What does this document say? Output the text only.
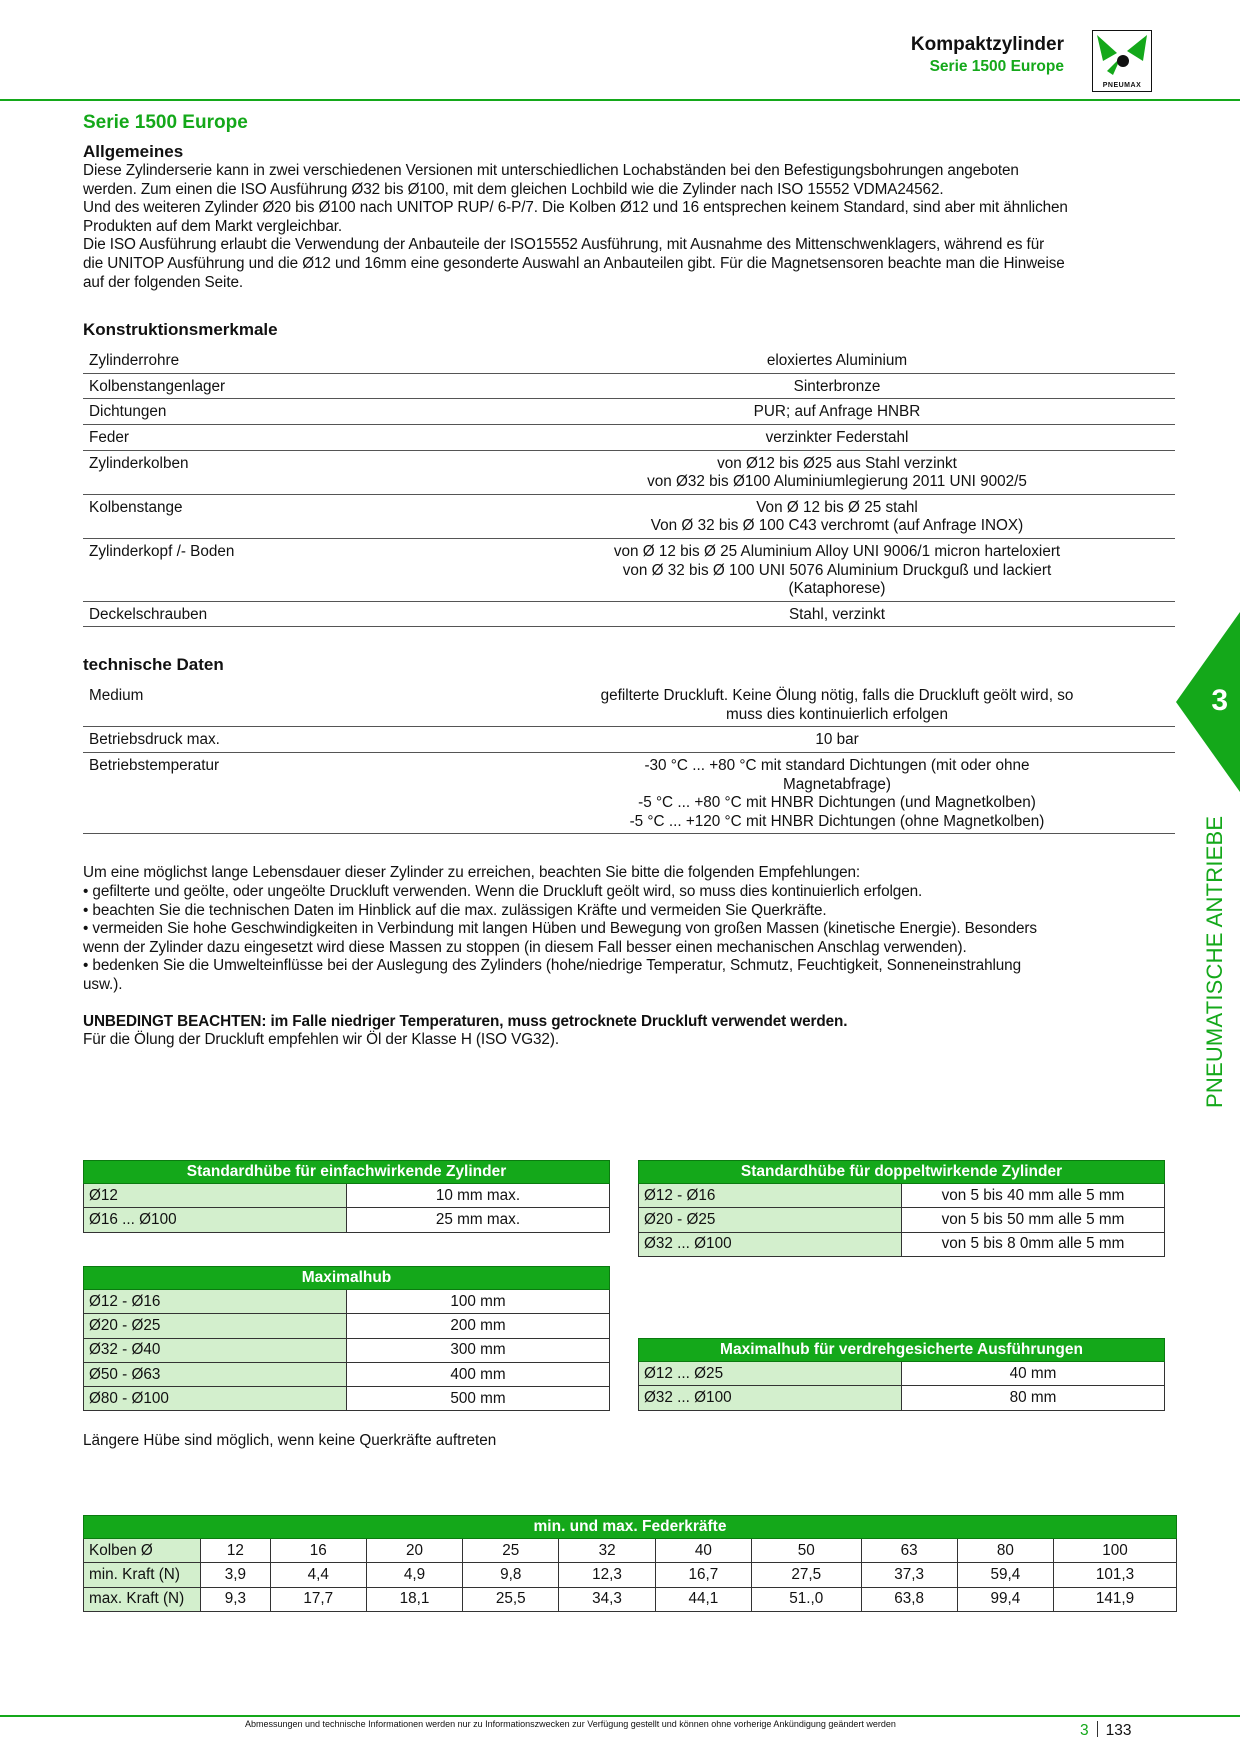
Kompaktzylinder
Serie 1500 Europe
PNEUMAX
3
PNEUMATISCHE ANTRIEBE
Serie 1500 Europe
Allgemeines
Diese Zylinderserie kann in zwei verschiedenen Versionen mit unterschiedlichen Lochabständen bei den Befestigungsbohrungen angeboten
werden. Zum einen die ISO Ausführung Ø32 bis Ø100, mit dem gleichen Lochbild wie die Zylinder nach ISO 15552 VDMA24562.
Und des weiteren Zylinder Ø20 bis Ø100 nach UNITOP RUP/ 6-P/7. Die Kolben Ø12 und 16 entsprechen keinem Standard, sind aber mit ähnlichen
Produkten auf dem Markt vergleichbar.
Die ISO Ausführung erlaubt die Verwendung der Anbauteile der ISO15552 Ausführung, mit Ausnahme des Mittenschwenklagers, während es für
die UNITOP Ausführung und die Ø12 und 16mm eine gesonderte Auswahl an Anbauteilen gibt. Für die Magnetsensoren beachte man die Hinweise
auf der folgenden Seite.
Konstruktionsmerkmale
Zylinderrohre	eloxiertes Aluminium

Kolbenstangenlager	Sinterbronze

Dichtungen	PUR; auf Anfrage HNBR

Feder	verzinkter Federstahl

Zylinderkolben	von Ø12 bis Ø25 aus Stahl verzinkt
von Ø32 bis Ø100 Aluminiumlegierung 2011 UNI 9002/5

Kolbenstange	Von Ø 12 bis Ø 25 stahl
Von Ø 32 bis Ø 100 C43 verchromt (auf Anfrage INOX)

Zylinderkopf /- Boden	von Ø 12 bis Ø 25 Aluminium Alloy UNI 9006/1 micron harteloxiert
von Ø 32 bis Ø 100 UNI 5076 Aluminium Druckguß und lackiert
(Kataphorese)

Deckelschrauben	Stahl, verzinkt
technische Daten
Medium	gefilterte Druckluft. Keine Ölung nötig, falls die Druckluft geölt wird, so
muss dies kontinuierlich erfolgen

Betriebsdruck max.	10 bar

Betriebstemperatur	-30 °C ... +80 °C mit standard Dichtungen (mit oder ohne
Magnetabfrage)
-5 °C ... +80 °C mit HNBR Dichtungen (und Magnetkolben)
-5 °C ... +120 °C mit HNBR Dichtungen (ohne Magnetkolben)
Um eine möglichst lange Lebensdauer dieser Zylinder zu erreichen, beachten Sie bitte die folgenden Empfehlungen:
• gefilterte und geölte, oder ungeölte Druckluft verwenden. Wenn die Druckluft geölt wird, so muss dies kontinuierlich erfolgen.
• beachten Sie die technischen Daten im Hinblick auf die max. zulässigen Kräfte und vermeiden Sie Querkräfte.
• vermeiden Sie hohe Geschwindigkeiten in Verbindung mit langen Hüben und Bewegung von großen Massen (kinetische Energie). Besonders
wenn der Zylinder dazu eingesetzt wird diese Massen zu stoppen (in diesem Fall besser einen mechanischen Anschlag verwenden).
• bedenken Sie die Umwelteinflüsse bei der Auslegung des Zylinders (hohe/niedrige Temperatur, Schmutz, Feuchtigkeit, Sonneneinstrahlung
usw.).
UNBEDINGT BEACHTEN: im Falle niedriger Temperaturen, muss getrocknete Druckluft verwendet werden.
Für die Ölung der Druckluft empfehlen wir Öl der Klasse H (ISO VG32).
Standardhübe für einfachwirkende Zylinder	
Ø12	10 mm max.
Ø16 ... Ø100	25 mm max.
Standardhübe für doppeltwirkende Zylinder	
Ø12 - Ø16	von 5 bis 40 mm alle 5 mm
Ø20 - Ø25	von 5 bis 50 mm alle 5 mm
Ø32 ... Ø100	von 5 bis 8 0mm alle 5 mm
Maximalhub	
Ø12 - Ø16	100 mm
Ø20 - Ø25	200 mm
Ø32 - Ø40	300 mm
Ø50 - Ø63	400 mm
Ø80 - Ø100	500 mm
Maximalhub für verdrehgesicherte Ausführungen	
Ø12 ... Ø25	40 mm
Ø32 ... Ø100	80 mm
Längere Hübe sind möglich, wenn keine Querkräfte auftreten
min. und max. Federkräfte										
Kolben Ø	12	16	20	25	32	40	50	63	80	100
min. Kraft (N)	3,9	4,4	4,9	9,8	12,3	16,7	27,5	37,3	59,4	101,3
max. Kraft (N)	9,3	17,7	18,1	25,5	34,3	44,1	51.,0	63,8	99,4	141,9
Abmessungen und technische Informationen werden nur zu Informationszwecken zur Verfügung gestellt und können ohne vorherige Ankündigung geändert werden	3 133
